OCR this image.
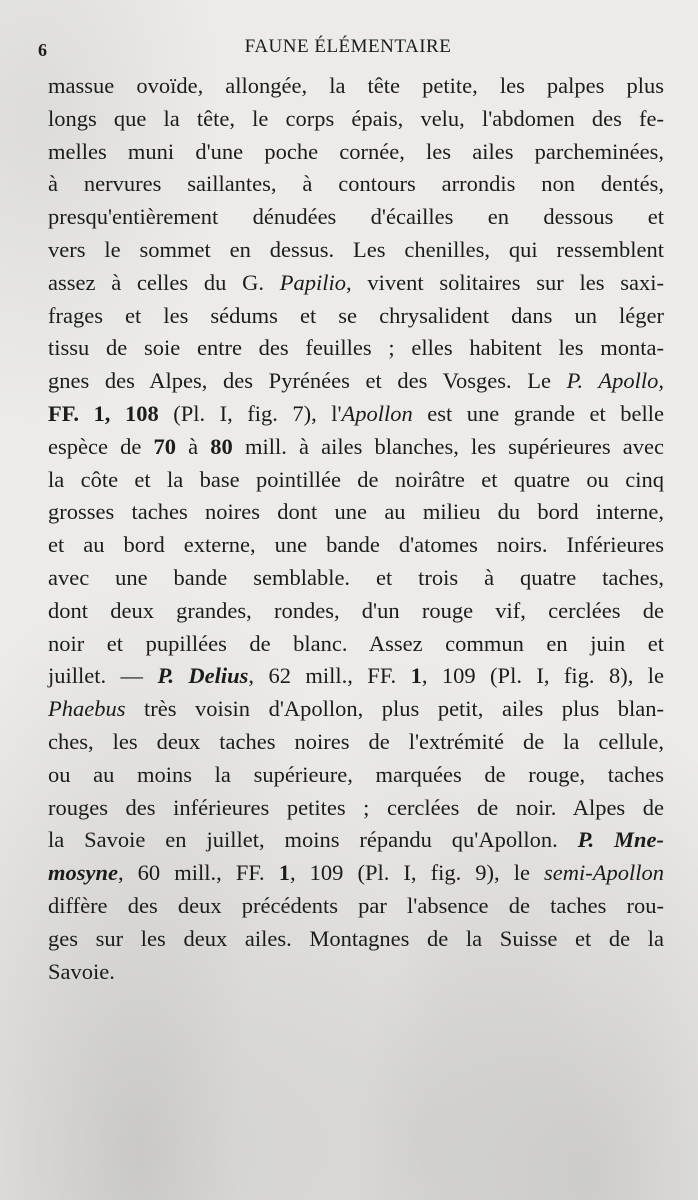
6	FAUNE ÉLÉMENTAIRE
massue ovoïde, allongée, la tête petite, les palpes plus
longs que la tête, le corps épais, velu, l'abdomen des fe-
melles muni d'une poche cornée, les ailes parcheminées,
à nervures saillantes, à contours arrondis non dentés,
presqu'entièrement dénudées d'écailles en dessous et
vers le sommet en dessus. Les chenilles, qui ressemblent
assez à celles du G. Papilio, vivent solitaires sur les saxi-
frages et les sédums et se chrysalident dans un léger
tissu de soie entre des feuilles ; elles habitent les monta-
gnes des Alpes, des Pyrénées et des Vosges. Le P. Apollo,
FF. 1, 108 (Pl. I, fig. 7), l'Apollon est une grande et belle
espèce de 70 à 80 mill. à ailes blanches, les supérieures avec
la côte et la base pointillée de noirâtre et quatre ou cinq
grosses taches noires dont une au milieu du bord interne,
et au bord externe, une bande d'atomes noirs. Inférieures
avec une bande semblable. et trois à quatre taches,
dont deux grandes, rondes, d'un rouge vif, cerclées de
noir et pupillées de blanc. Assez commun en juin et
juillet. — P. Delius, 62 mill., FF. 1, 109 (Pl. I, fig. 8), le
Phaebus très voisin d'Apollon, plus petit, ailes plus blan-
ches, les deux taches noires de l'extrémité de la cellule,
ou au moins la supérieure, marquées de rouge, taches
rouges des inférieures petites ; cerclées de noir. Alpes de
la Savoie en juillet, moins répandu qu'Apollon. P. Mne-
mosyne, 60 mill., FF. 1, 109 (Pl. I, fig. 9), le semi-Apollon
diffère des deux précédents par l'absence de taches rou-
ges sur les deux ailes. Montagnes de la Suisse et de la
Savoie.
